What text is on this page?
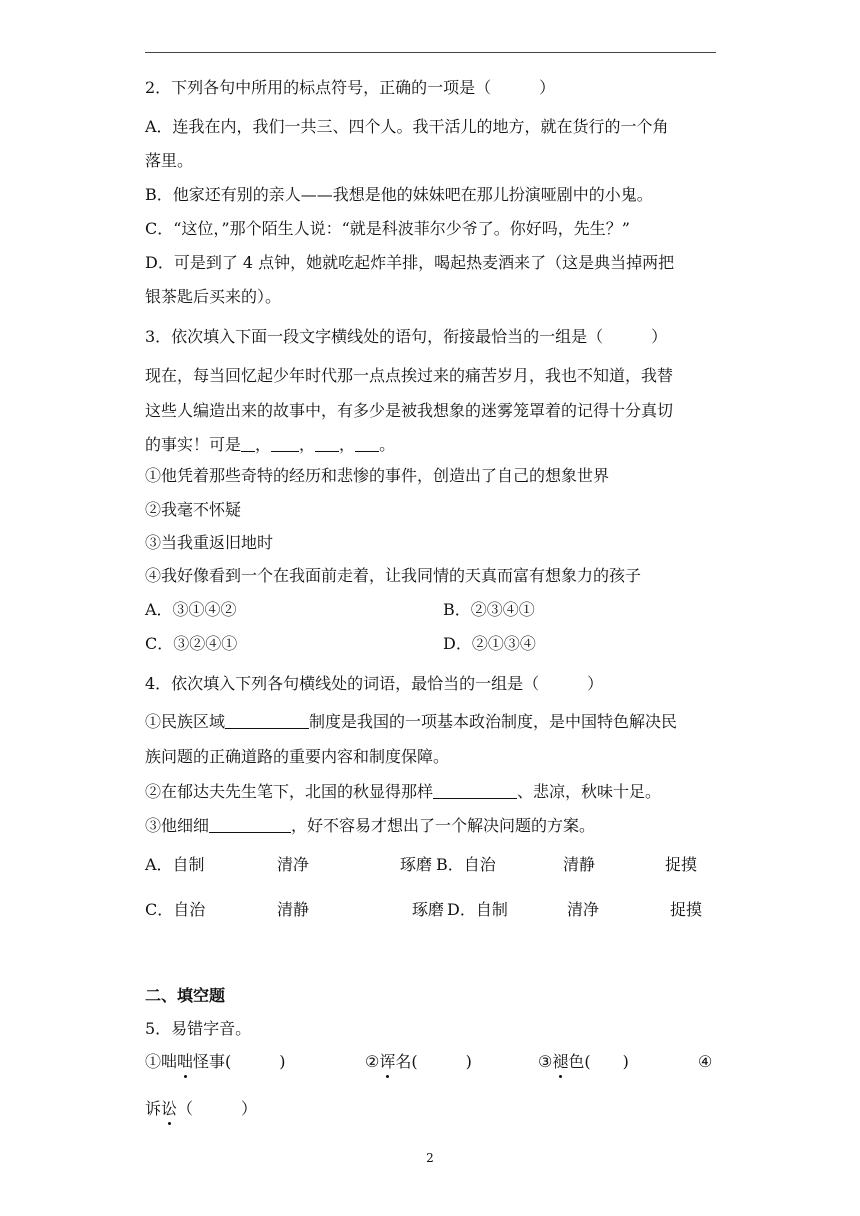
2．下列各句中所用的标点符号，正确的一项是（　　　）
A．连我在内，我们一共三、四个人。我干活儿的地方，就在货行的一个角
落里。
B．他家还有别的亲人——我想是他的妹妹吧在那儿扮演哑剧中的小鬼。
C．“这位，”那个陌生人说：“就是科波菲尔少爷了。你好吗，先生？”
D．可是到了 4 点钟，她就吃起炸羊排，喝起热麦酒来了（这是典当掉两把
银茶匙后买来的）。
3．依次填入下面一段文字横线处的语句，衔接最恰当的一组是（　　　）
现在，每当回忆起少年时代那一点点挨过来的痛苦岁月，我也不知道，我替
这些人编造出来的故事中，有多少是被我想象的迷雾笼罩着的记得十分真切
的事实！可是 ， ， ， 。
①他凭着那些奇特的经历和悲惨的事件，创造出了自己的想象世界
②我毫不怀疑
③当我重返旧地时
④我好像看到一个在我面前走着，让我同情的天真而富有想象力的孩子
A．③①④②	B．②③④①
C．③②④①	D．②①③④
4．依次填入下列各句横线处的词语，最恰当的一组是（　　　）
①民族区域	制度是我国的一项基本政治制度，是中国特色解决民
族问题的正确道路的重要内容和制度保障。
②在郁达夫先生笔下，北国的秋显得那样	、悲凉，秋味十足。
③他细细	，好不容易才想出了一个解决问题的方案。
A．自制	清净	琢磨 B．自治	清静	捉摸
C．自治	清静	琢磨 D．自制	清净	捉摸
二、填空题
5．易错字音。
①咄咄怪事(　　　)	②诨名(　　　)	③褪色(　　)	④
诉讼（　　　）
2
